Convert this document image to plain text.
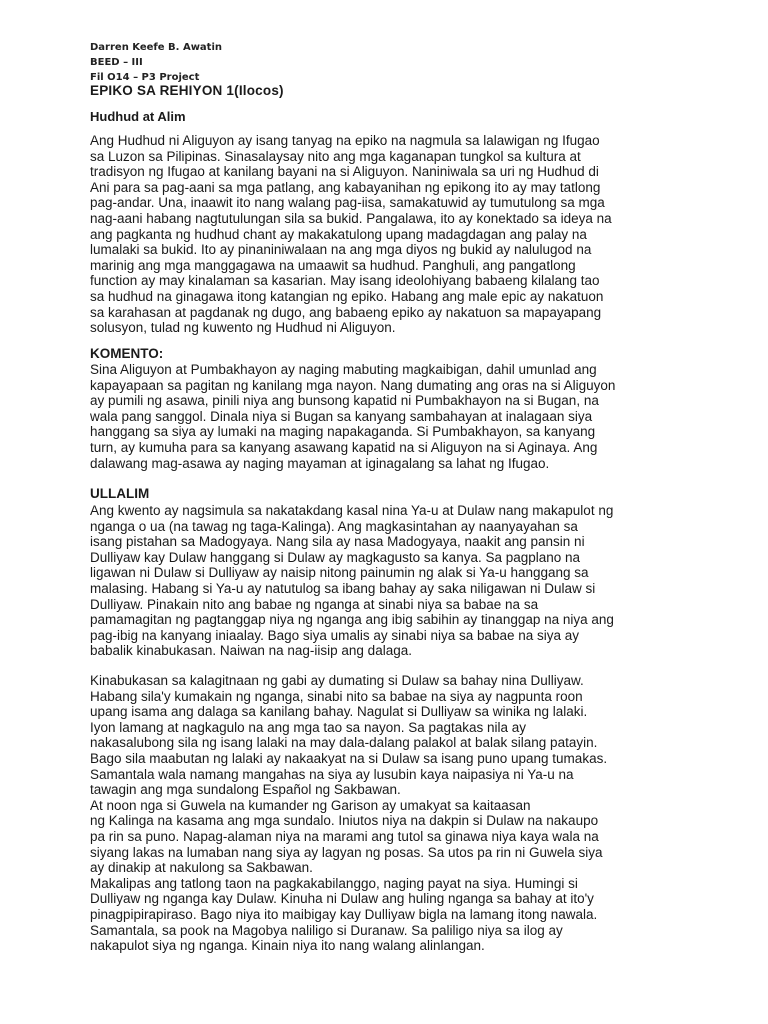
Darren Keefe B. Awatin
BEED – III
Fil O14 – P3 Project
EPIKO SA REHIYON 1(Ilocos)
Hudhud at Alim
Ang Hudhud ni Aliguyon ay isang tanyag na epiko na nagmula sa lalawigan ng Ifugao
sa Luzon sa Pilipinas. Sinasalaysay nito ang mga kaganapan tungkol sa kultura at
tradisyon ng Ifugao at kanilang bayani na si Aliguyon. Naniniwala sa uri ng Hudhud di
Ani para sa pag-aani sa mga patlang, ang kabayanihan ng epikong ito ay may tatlong
pag-andar. Una, inaawit ito nang walang pag-iisa, samakatuwid ay tumutulong sa mga
nag-aani habang nagtutulungan sila sa bukid. Pangalawa, ito ay konektado sa ideya na
ang pagkanta ng hudhud chant ay makakatulong upang madagdagan ang palay na
lumalaki sa bukid. Ito ay pinaniniwalaan na ang mga diyos ng bukid ay nalulugod na
marinig ang mga manggagawa na umaawit sa hudhud. Panghuli, ang pangatlong
function ay may kinalaman sa kasarian. May isang ideolohiyang babaeng kilalang tao
sa hudhud na ginagawa itong katangian ng epiko. Habang ang male epic ay nakatuon
sa karahasan at pagdanak ng dugo, ang babaeng epiko ay nakatuon sa mapayapang
solusyon, tulad ng kuwento ng Hudhud ni Aliguyon.
KOMENTO:
Sina Aliguyon at Pumbakhayon ay naging mabuting magkaibigan, dahil umunlad ang
kapayapaan sa pagitan ng kanilang mga nayon. Nang dumating ang oras na si Aliguyon
ay pumili ng asawa, pinili niya ang bunsong kapatid ni Pumbakhayon na si Bugan, na
wala pang sanggol. Dinala niya si Bugan sa kanyang sambahayan at inalagaan siya
hanggang sa siya ay lumaki na maging napakaganda. Si Pumbakhayon, sa kanyang
turn, ay kumuha para sa kanyang asawang kapatid na si Aliguyon na si Aginaya. Ang
dalawang mag-asawa ay naging mayaman at iginagalang sa lahat ng Ifugao.
ULLALIM
Ang kwento ay nagsimula sa nakatakdang kasal nina Ya-u at Dulaw nang makapulot ng
nganga o ua (na tawag ng taga-Kalinga). Ang magkasintahan ay naanyayahan sa
isang pistahan sa Madogyaya. Nang sila ay nasa Madogyaya, naakit ang pansin ni
Dulliyaw kay Dulaw hanggang si Dulaw ay magkagusto sa kanya. Sa pagplano na
ligawan ni Dulaw si Dulliyaw ay naisip nitong painumin ng alak si Ya-u hanggang sa
malasing. Habang si Ya-u ay natutulog sa ibang bahay ay saka niligawan ni Dulaw si
Dulliyaw. Pinakain nito ang babae ng nganga at sinabi niya sa babae na sa
pamamagitan ng pagtanggap niya ng nganga ang ibig sabihin ay tinanggap na niya ang
pag-ibig na kanyang iniaalay. Bago siya umalis ay sinabi niya sa babae na siya ay
babalik kinabukasan. Naiwan na nag-iisip ang dalaga.
Kinabukasan sa kalagitnaan ng gabi ay dumating si Dulaw sa bahay nina Dulliyaw.
Habang sila'y kumakain ng nganga, sinabi nito sa babae na siya ay nagpunta roon
upang isama ang dalaga sa kanilang bahay. Nagulat si Dulliyaw sa winika ng lalaki.
Iyon lamang at nagkagulo na ang mga tao sa nayon. Sa pagtakas nila ay
nakasalubong sila ng isang lalaki na may dala-dalang palakol at balak silang patayin.
Bago sila maabutan ng lalaki ay nakaakyat na si Dulaw sa isang puno upang tumakas.
Samantala wala namang mangahas na siya ay lusubin kaya naipasiya ni Ya-u na
tawagin ang mga sundalong Español ng Sakbawan.
At noon nga si Guwela na kumander ng Garison ay umakyat sa kaitaasan
ng Kalinga na kasama ang mga sundalo. Iniutos niya na dakpin si Dulaw na nakaupo
pa rin sa puno. Napag-alaman niya na marami ang tutol sa ginawa niya kaya wala na
siyang lakas na lumaban nang siya ay lagyan ng posas. Sa utos pa rin ni Guwela siya
ay dinakip at nakulong sa Sakbawan.
Makalipas ang tatlong taon na pagkakabilanggo, naging payat na siya. Humingi si
Dulliyaw ng nganga kay Dulaw. Kinuha ni Dulaw ang huling nganga sa bahay at ito'y
pinagpipirapiraso. Bago niya ito maibigay kay Dulliyaw bigla na lamang itong nawala.
Samantala, sa pook na Magobya naliligo si Duranaw. Sa paliligo niya sa ilog ay
nakapulot siya ng nganga. Kinain niya ito nang walang alinlangan.
